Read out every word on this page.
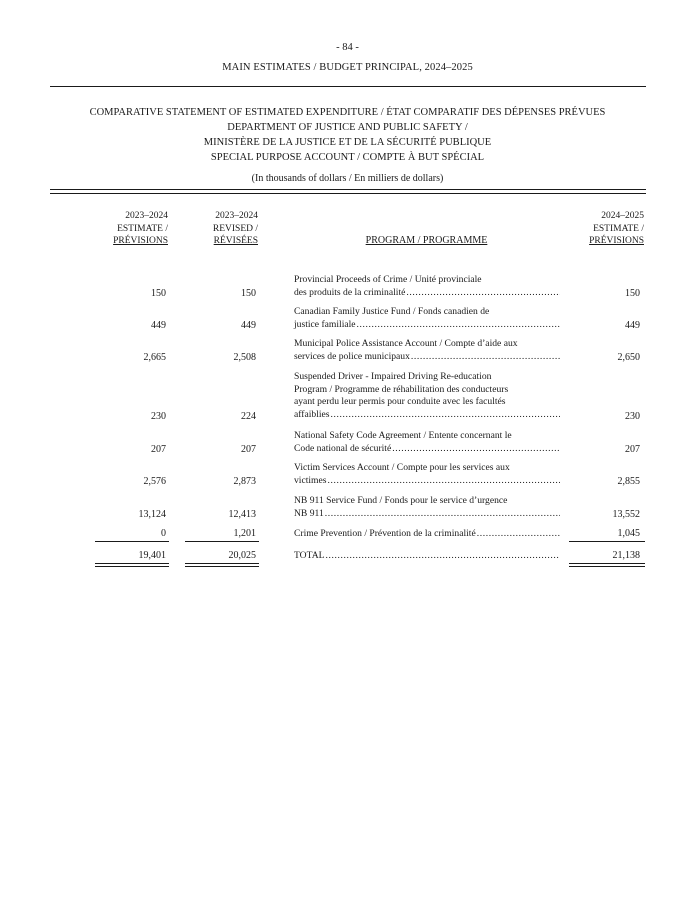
- 84 -
MAIN ESTIMATES / BUDGET PRINCIPAL, 2024–2025
COMPARATIVE STATEMENT OF ESTIMATED EXPENDITURE / ÉTAT COMPARATIF DES DÉPENSES PRÉVUES
DEPARTMENT OF JUSTICE AND PUBLIC SAFETY /
MINISTÈRE DE LA JUSTICE ET DE LA SÉCURITÉ PUBLIQUE
SPECIAL PURPOSE ACCOUNT / COMPTE À BUT SPÉCIAL
(In thousands of dollars / En milliers de dollars)
2023–2024
ESTIMATE /
PRÉVISIONS
2023–2024
REVISED /
RÉVISÉES	PROGRAM / PROGRAMME
2024–2025
ESTIMATE /
PRÉVISIONS
Provincial Proceeds of Crime / Unité provinciale
des produits de la criminalité
.....
150	150	150
Canadian Family Justice Fund / Fonds canadien de
justice familiale
.....
449	449	449
Municipal Police Assistance Account / Compte d’aide aux
services de police municipaux
.....
2,665	2,508	2,650
Suspended Driver - Impaired Driving Re-education
Program / Programme de réhabilitation des conducteurs
ayant perdu leur permis pour conduite avec les facultés
affaiblies
.....
230	224	230
National Safety Code Agreement / Entente concernant le
Code national de sécurité
.....
207	207	207
Victim Services Account / Compte pour les services aux
victimes
.....
2,576	2,873	2,855
NB 911 Service Fund / Fonds pour le service d’urgence
NB 911
.....
13,124	12,413	13,552
Crime Prevention / Prévention de la criminalité
.....
0	1,201	1,045
TOTAL
.....
19,401	20,025	21,138
